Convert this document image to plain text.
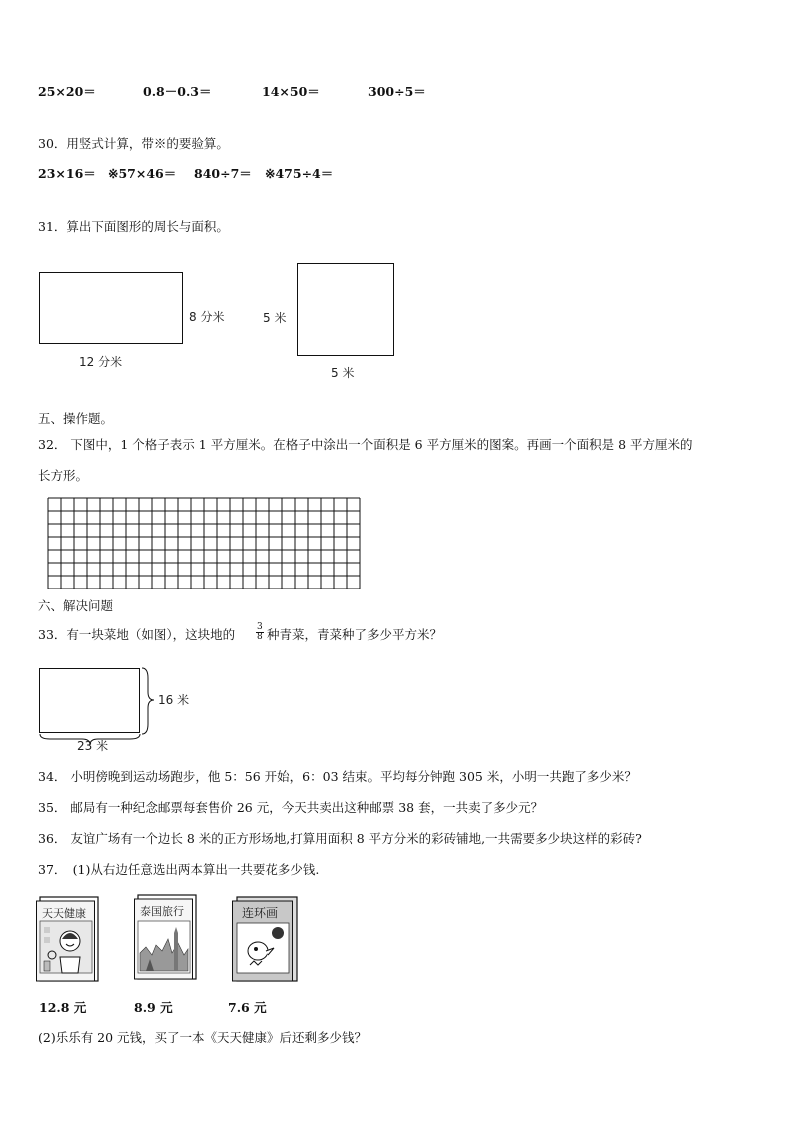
25×20＝	0.8－0.3＝	14×50＝	300÷5＝
30．用竖式计算，带※的要验算。
23×16＝ ※57×46＝ 840÷7＝ ※475÷4＝
31．算出下面图形的周长与面积。
8 分米
12 分米
5 米
5 米
五、操作题。
32． 下图中，1 个格子表示 1 平方厘米。在格子中涂出一个面积是 6 平方厘米的图案。再画一个面积是 8 平方厘米的
长方形。
六、解决问题
33．有一块菜地（如图），这块地的 $\frac{3}{8}$ 种青菜，青菜种了多少平方米？
16 米
23 米
34． 小明傍晚到运动场跑步，他 5：56 开始，6：03 结束。平均每分钟跑 305 米，小明一共跑了多少米？
35． 邮局有一种纪念邮票每套售价 26 元，今天共卖出这种邮票 38 套，一共卖了多少元？
36． 友谊广场有一个边长 8 米的正方形场地,打算用面积 8 平方分米的彩砖铺地,一共需要多少块这样的彩砖?
37．　(1)从右边任意选出两本算出一共要花多少钱.
天天健康
12.8 元
泰国旅行
8.9 元
连环画
7.6 元
(2)乐乐有 20 元钱，买了一本《天天健康》后还剩多少钱？
